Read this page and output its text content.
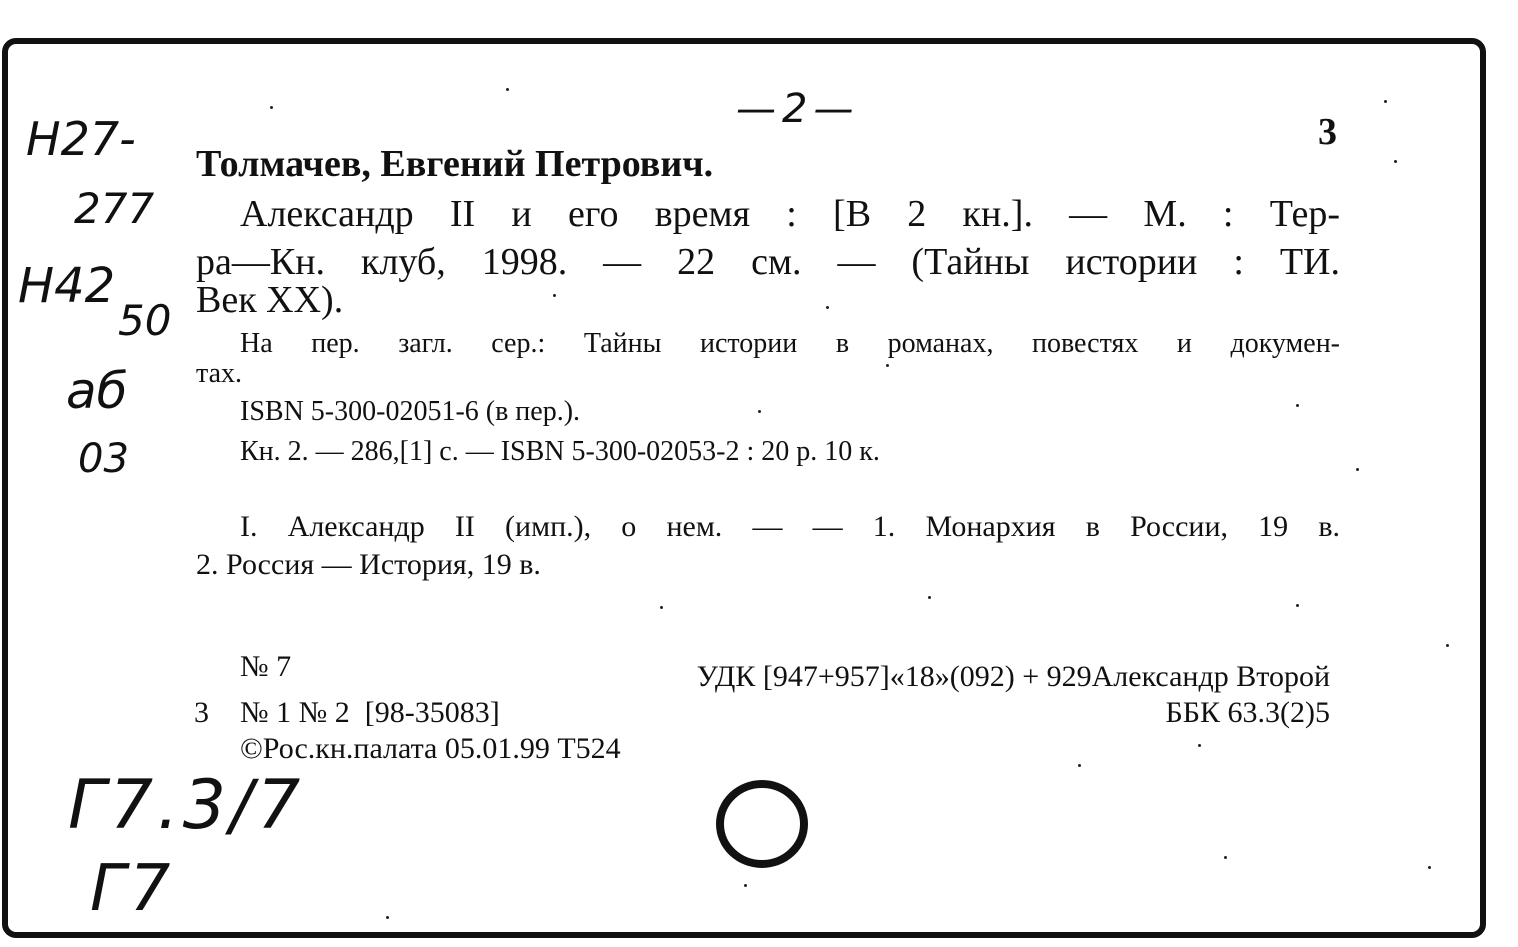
—2—	3
H27-
277
H42
50
аб
03
Толмачев, Евгений Петрович.
Александр II и его время : [В 2 кн.]. — М. : Тер-
ра—Кн. клуб, 1998. — 22 см. — (Тайны истории : ТИ.
Век ХХ).
На пер. загл. сер.: Тайны истории в романах, повестях и докумен-
тах.
ISBN 5-300-02051-6 (в пер.).
Кн. 2. — 286,[1] с. — ISBN 5-300-02053-2 : 20 р. 10 к.
I. Александр II (имп.), о нем. — — 1. Монархия в России, 19 в.
2. Россия — История, 19 в.
№ 7	УДК [947+957]«18»(092) + 929Александр Второй
3 № 1 № 2  [98-35083]	ББК 63.3(2)5
©Рос.кн.палата 05.01.99 Т524
Г7.3/7
Г7
